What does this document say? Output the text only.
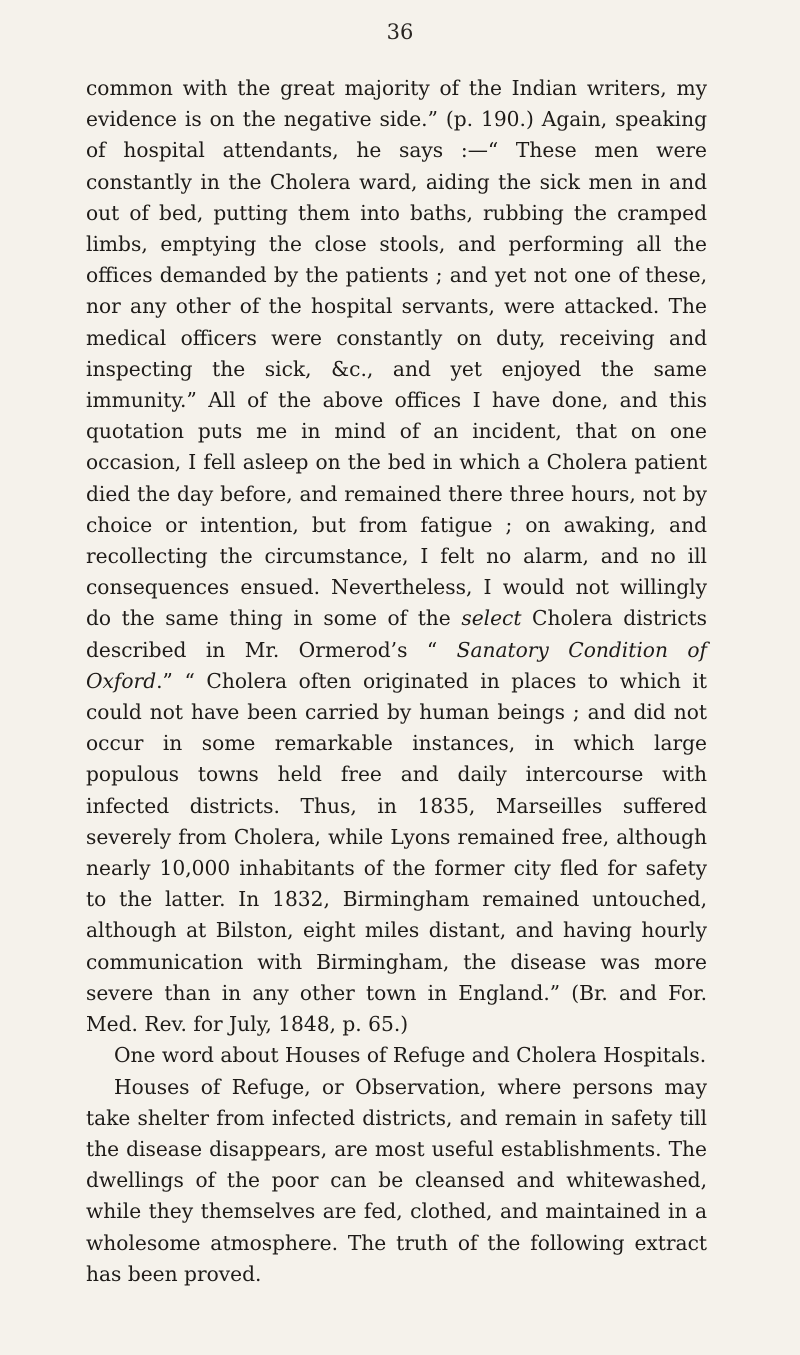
36

common with the great majority of the Indian writers, my evidence is on the negative side.” (p. 190.) Again, speaking of hospital attendants, he says :—“ These men were constantly in the Cholera ward, aiding the sick men in and out of bed, putting them into baths, rubbing the cramped limbs, emptying the close stools, and performing all the offices demanded by the patients ; and yet not one of these, nor any other of the hospital servants, were attacked. The medical officers were constantly on duty, receiving and inspecting the sick, &c., and yet enjoyed the same immunity.” All of the above offices I have done, and this quotation puts me in mind of an incident, that on one occasion, I fell asleep on the bed in which a Cholera patient died the day before, and remained there three hours, not by choice or intention, but from fatigue ; on awaking, and recollecting the circumstance, I felt no alarm, and no ill consequences ensued. Nevertheless, I would not willingly do the same thing in some of the select Cholera districts described in Mr. Ormerod’s “ Sanatory Condition of Oxford.” “ Cholera often originated in places to which it could not have been carried by human beings ; and did not occur in some remarkable instances, in which large populous towns held free and daily intercourse with infected districts. Thus, in 1835, Marseilles suffered severely from Cholera, while Lyons remained free, although nearly 10,000 inhabitants of the former city fled for safety to the latter. In 1832, Birmingham remained untouched, although at Bilston, eight miles distant, and having hourly communication with Birmingham, the disease was more severe than in any other town in England.” (Br. and For. Med. Rev. for July, 1848, p. 65.)

One word about Houses of Refuge and Cholera Hospitals.

Houses of Refuge, or Observation, where persons may take shelter from infected districts, and remain in safety till the disease disappears, are most useful establishments. The dwellings of the poor can be cleansed and whitewashed, while they themselves are fed, clothed, and maintained in a wholesome atmosphere. The truth of the following extract has been proved.
